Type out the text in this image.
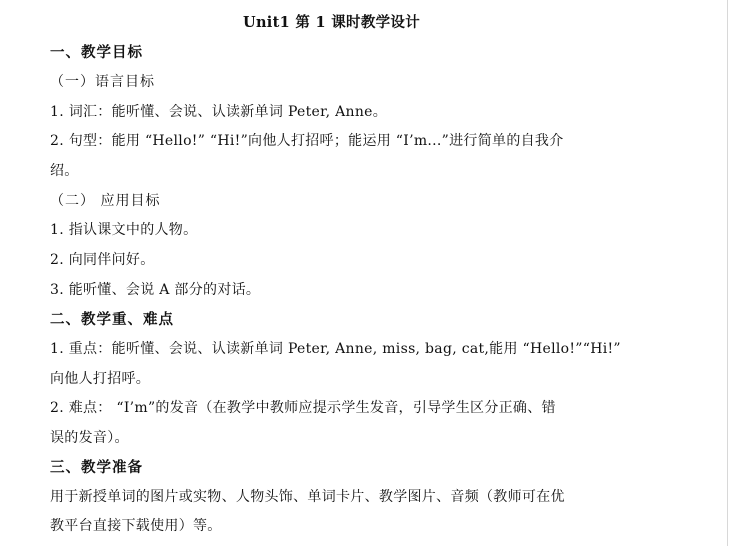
Unit1 第 1 课时教学设计
一、教学目标
（一）语言目标
1. 词汇：能听懂、会说、认读新单词 Peter, Anne。
2. 句型：能用 “Hello!” “Hi!”向他人打招呼；能运用 “I’m...”进行简单的自我介
绍。
（二） 应用目标
1. 指认课文中的人物。
2. 向同伴问好。
3. 能听懂、会说 A 部分的对话。
二、教学重、难点
1. 重点：能听懂、会说、认读新单词 Peter, Anne, miss, bag, cat,能用 “Hello!”“Hi!”
向他人打招呼。
2. 难点： “I’m”的发音（在教学中教师应提示学生发音，引导学生区分正确、错
误的发音）。
三、教学准备
用于新授单词的图片或实物、人物头饰、单词卡片、教学图片、音频（教师可在优
教平台直接下载使用）等。
